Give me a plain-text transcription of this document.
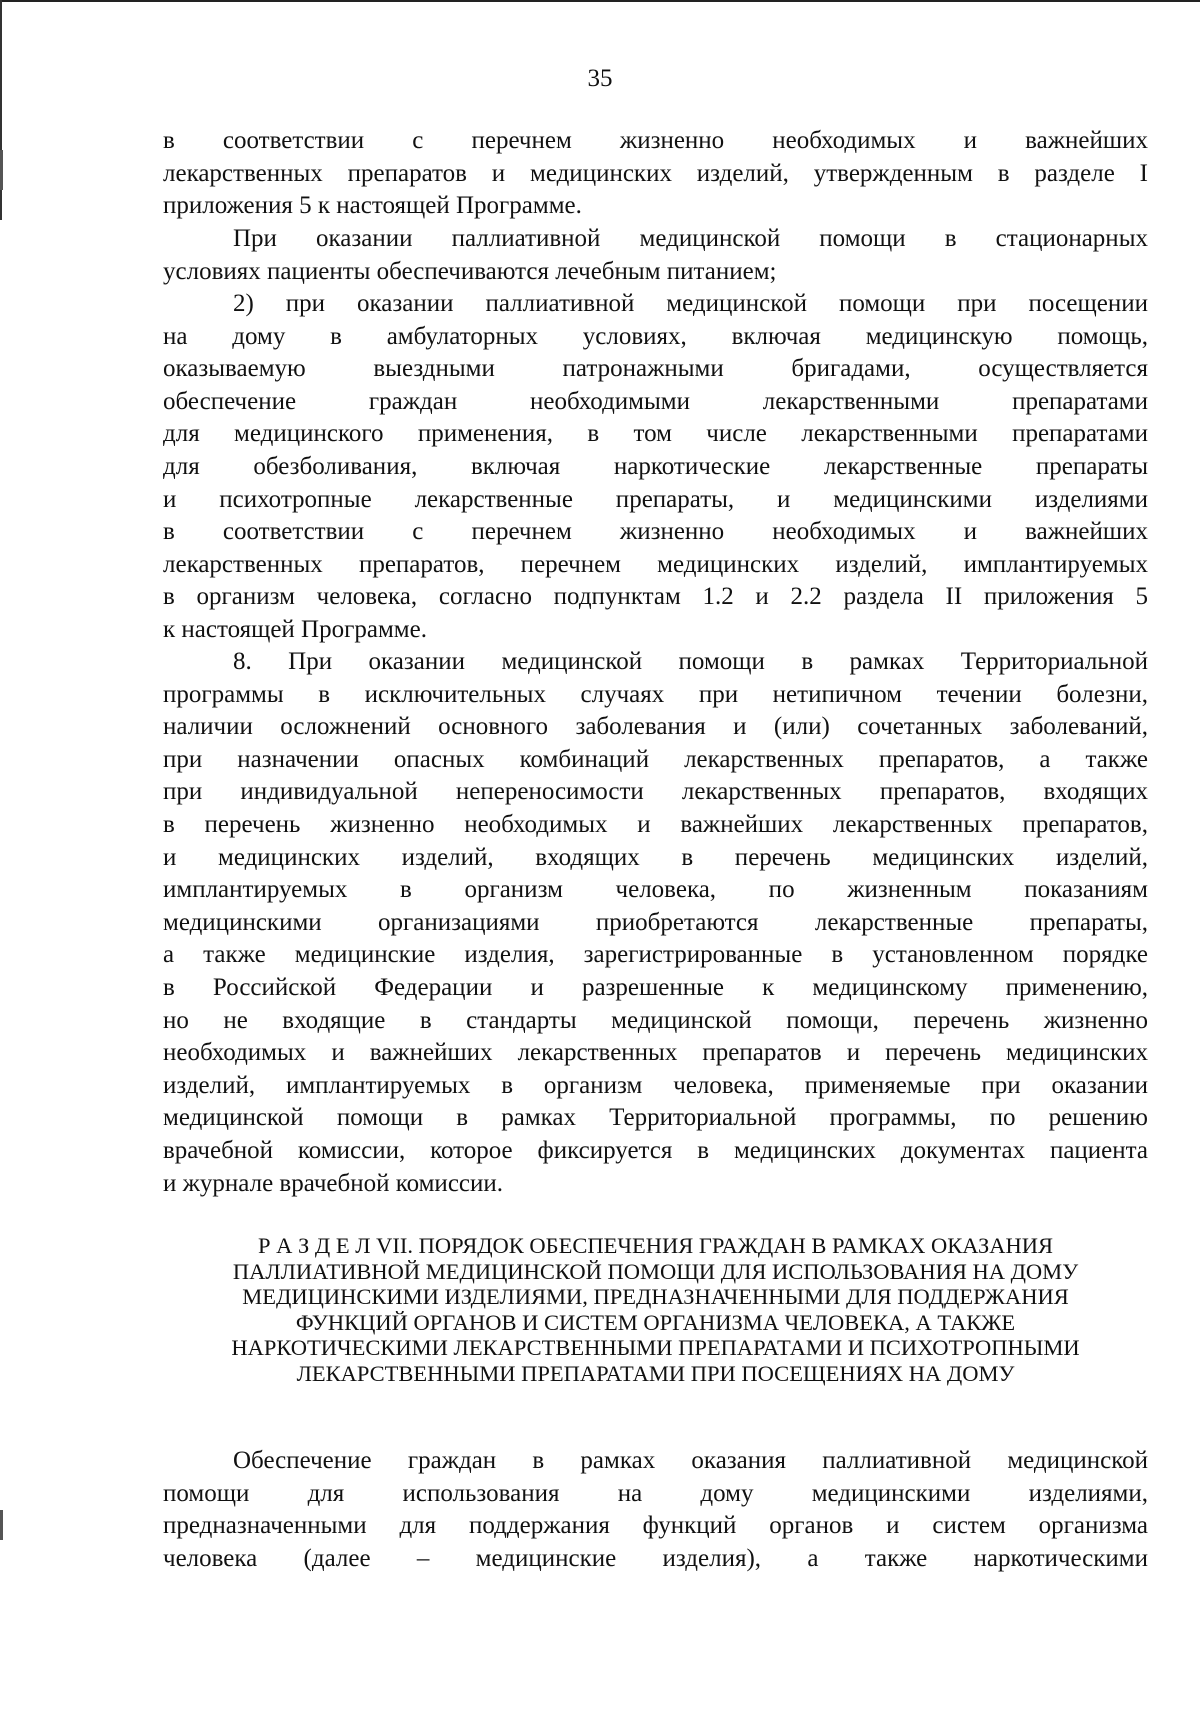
35
в соответствии с перечнем жизненно необходимых и важнейших
лекарственных препаратов и медицинских изделий, утвержденным в разделе I
приложения 5 к настоящей Программе.
При оказании паллиативной медицинской помощи в стационарных
условиях пациенты обеспечиваются лечебным питанием;
2) при оказании паллиативной медицинской помощи при посещении
на дому в амбулаторных условиях, включая медицинскую помощь,
оказываемую выездными патронажными бригадами, осуществляется
обеспечение граждан необходимыми лекарственными препаратами
для медицинского применения, в том числе лекарственными препаратами
для обезболивания, включая наркотические лекарственные препараты
и психотропные лекарственные препараты, и медицинскими изделиями
в соответствии с перечнем жизненно необходимых и важнейших
лекарственных препаратов, перечнем медицинских изделий, имплантируемых
в организм человека, согласно подпунктам 1.2 и 2.2 раздела II приложения 5
к настоящей Программе.
8. При оказании медицинской помощи в рамках Территориальной
программы в исключительных случаях при нетипичном течении болезни,
наличии осложнений основного заболевания и (или) сочетанных заболеваний,
при назначении опасных комбинаций лекарственных препаратов, а также
при индивидуальной непереносимости лекарственных препаратов, входящих
в перечень жизненно необходимых и важнейших лекарственных препаратов,
и медицинских изделий, входящих в перечень медицинских изделий,
имплантируемых в организм человека, по жизненным показаниям
медицинскими организациями приобретаются лекарственные препараты,
а также медицинские изделия, зарегистрированные в установленном порядке
в Российской Федерации и разрешенные к медицинскому применению,
но не входящие в стандарты медицинской помощи, перечень жизненно
необходимых и важнейших лекарственных препаратов и перечень медицинских
изделий, имплантируемых в организм человека, применяемые при оказании
медицинской помощи в рамках Территориальной программы, по решению
врачебной комиссии, которое фиксируется в медицинских документах пациента
и журнале врачебной комиссии.
Р А З Д Е Л VII. ПОРЯДОК ОБЕСПЕЧЕНИЯ ГРАЖДАН В РАМКАХ ОКАЗАНИЯ
ПАЛЛИАТИВНОЙ МЕДИЦИНСКОЙ ПОМОЩИ ДЛЯ ИСПОЛЬЗОВАНИЯ НА ДОМУ
МЕДИЦИНСКИМИ ИЗДЕЛИЯМИ, ПРЕДНАЗНАЧЕННЫМИ ДЛЯ ПОДДЕРЖАНИЯ
ФУНКЦИЙ ОРГАНОВ И СИСТЕМ ОРГАНИЗМА ЧЕЛОВЕКА, А ТАКЖЕ
НАРКОТИЧЕСКИМИ ЛЕКАРСТВЕННЫМИ ПРЕПАРАТАМИ И ПСИХОТРОПНЫМИ
ЛЕКАРСТВЕННЫМИ ПРЕПАРАТАМИ ПРИ ПОСЕЩЕНИЯХ НА ДОМУ
Обеспечение граждан в рамках оказания паллиативной медицинской
помощи для использования на дому медицинскими изделиями,
предназначенными для поддержания функций органов и систем организма
человека (далее – медицинские изделия), а также наркотическими
